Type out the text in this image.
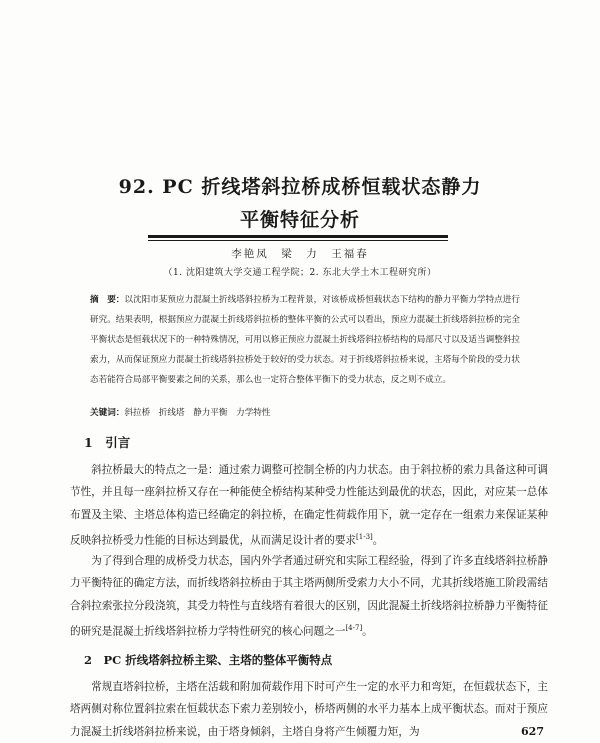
92. PC 折线塔斜拉桥成桥恒载状态静力
平衡特征分析
李艳凤　梁　力　王福春
（1. 沈阳建筑大学交通工程学院；2. 东北大学土木工程研究所）
摘　要：以沈阳市某预应力混凝土折线塔斜拉桥为工程背景，对该桥成桥恒载状态下结构的静力平衡力学特点进行研究。结果表明，根据预应力混凝土折线塔斜拉桥的整体平衡的公式可以看出，预应力混凝土折线塔斜拉桥的完全平衡状态是恒载状况下的一种特殊情况，可用以修正预应力混凝土折线塔斜拉桥结构的局部尺寸以及适当调整斜拉索力，从而保证预应力混凝土折线塔斜拉桥处于较好的受力状态。对于折线塔斜拉桥来说，主塔每个阶段的受力状态若能符合局部平衡要素之间的关系，那么也一定符合整体平衡下的受力状态，反之则不成立。
关键词：斜拉桥　折线塔　静力平衡　力学特性
1　引言
斜拉桥最大的特点之一是：通过索力调整可控制全桥的内力状态。由于斜拉桥的索力具备这种可调节性，并且每一座斜拉桥又存在一种能使全桥结构某种受力性能达到最优的状态，因此，对应某一总体布置及主梁、主塔总体构造已经确定的斜拉桥，在确定性荷载作用下，就一定存在一组索力来保证某种反映斜拉桥受力性能的目标达到最优，从而满足设计者的要求[1-3]。
为了得到合理的成桥受力状态，国内外学者通过研究和实际工程经验，得到了许多直线塔斜拉桥静力平衡特征的确定方法，而折线塔斜拉桥由于其主塔两侧所受索力大小不同，尤其折线塔施工阶段需结合斜拉索张拉分段浇筑，其受力特性与直线塔有着很大的区别，因此混凝土折线塔斜拉桥静力平衡特征的研究是混凝土折线塔斜拉桥力学特性研究的核心问题之一[4-7]。
2　PC 折线塔斜拉桥主梁、主塔的整体平衡特点
常规直塔斜拉桥，主塔在活载和附加荷载作用下时可产生一定的水平力和弯矩，在恒载状态下，主塔两侧对称位置斜拉索在恒载状态下索力差别较小，桥塔两侧的水平力基本上成平衡状态。而对于预应力混凝土折线塔斜拉桥来说，由于塔身倾斜，主塔自身将产生倾覆力矩，为	627
